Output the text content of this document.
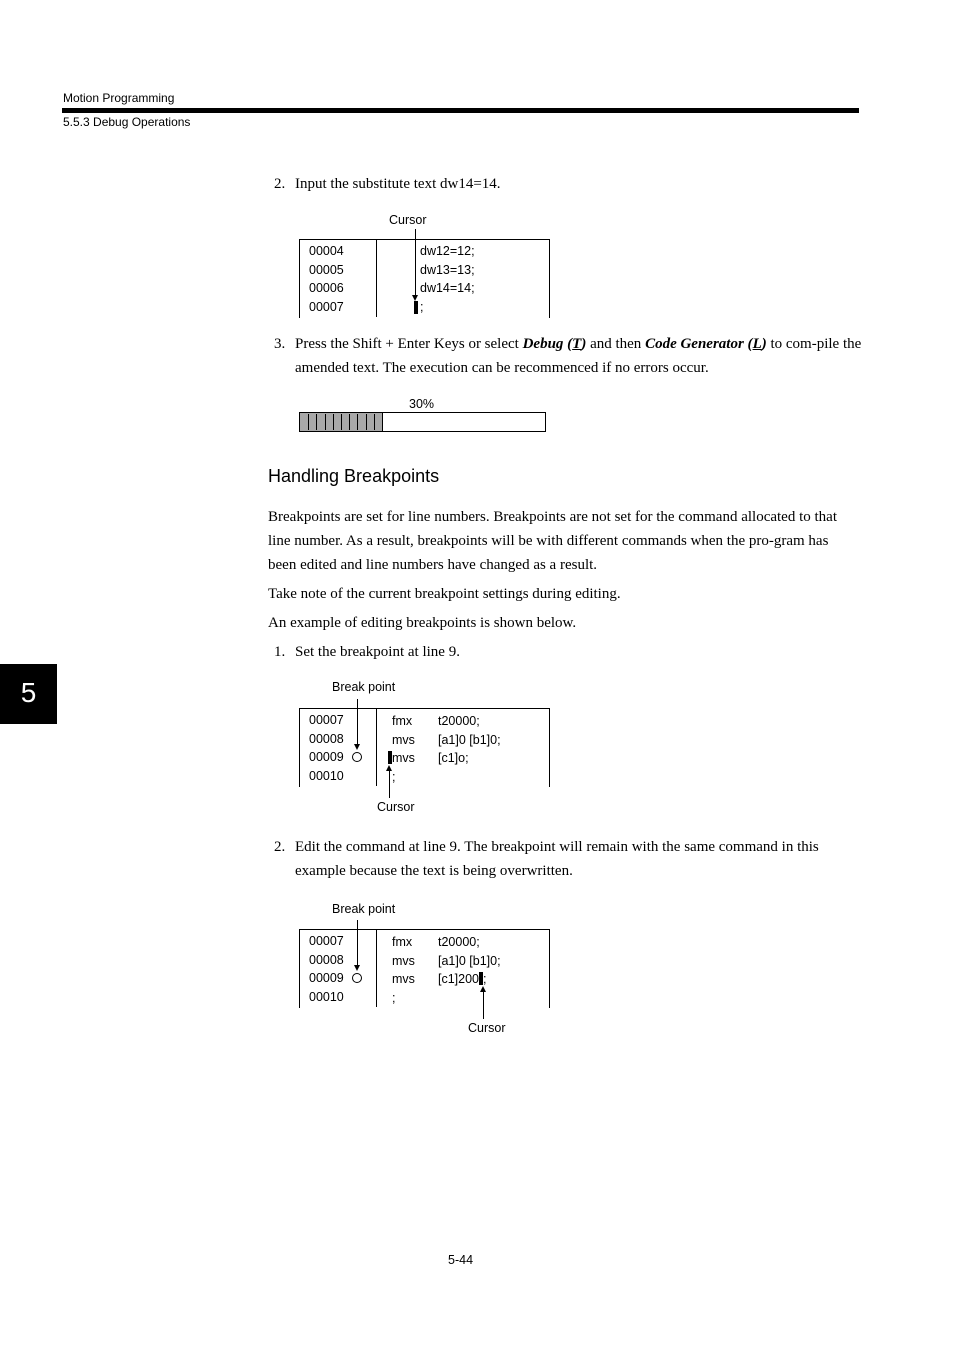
Motion Programming
5.5.3 Debug Operations
5
2. Input the substitute text dw14=14.
Cursor
00004
00005
00006
00007
dw12=12;
dw13=13;
dw14=14;
;
3. Press the Shift + Enter Keys or select Debug (T) and then Code Generator (L) to com-pile the amended text. The execution can be recommenced if no errors occur.
30%
Handling Breakpoints
Breakpoints are set for line numbers. Breakpoints are not set for the command allocated to that line number. As a result, breakpoints will be with different commands when the pro-gram has been edited and line numbers have changed as a result.
Take note of the current breakpoint settings during editing.
An example of editing breakpoints is shown below.
1. Set the breakpoint at line 9.
Break point
00007
00008
00009
00010
fmx
mvs
mvs
;
t20000;
[a1]0 [b1]0;
[c1]o;
Cursor
2. Edit the command at line 9. The breakpoint will remain with the same command in this example because the text is being overwritten.
Break point
00007
00008
00009
00010
fmx
mvs
mvs
;
t20000;
[a1]0 [b1]0;
[c1]200 ;
Cursor
5-44
